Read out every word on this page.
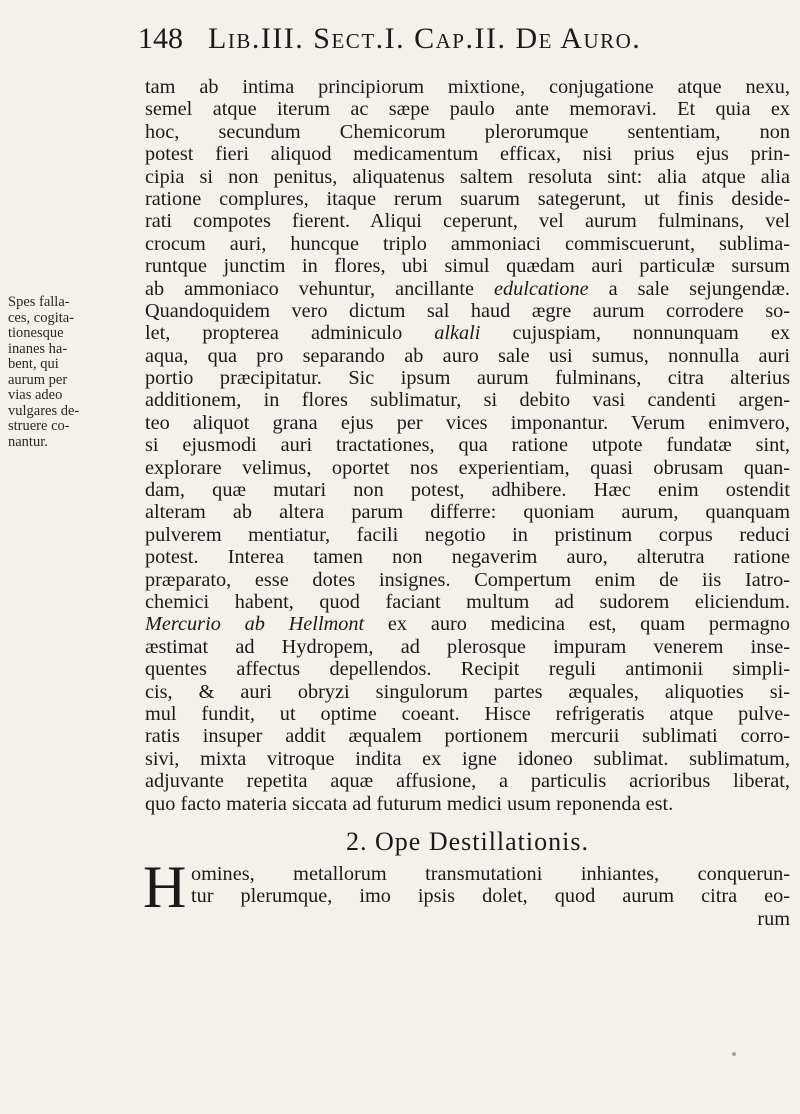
148 Lib.III. Sect.I. Cap.II. De Auro.
Spes falla-
ces, cogita-
tionesque
inanes ha-
bent, qui
aurum per
vias adeo
vulgares de-
struere co-
nantur.
tam ab intima principiorum mixtione, conjugatione atque nexu,
semel atque iterum ac sæpe paulo ante memoravi. Et quia ex
hoc, secundum Chemicorum plerorumque sententiam, non
potest fieri aliquod medicamentum efficax, nisi prius ejus prin-
cipia si non penitus, aliquatenus saltem resoluta sint: alia atque alia
ratione complures, itaque rerum suarum sategerunt, ut finis deside-
rati compotes fierent. Aliqui ceperunt, vel aurum fulminans, vel
crocum auri, huncque triplo ammoniaci commiscuerunt, sublima-
runtque junctim in flores, ubi simul quædam auri particulæ sursum
ab ammoniaco vehuntur, ancillante edulcatione a sale sejungendæ.
Quandoquidem vero dictum sal haud ægre aurum corrodere so-
let, propterea adminiculo alkali cujuspiam, nonnunquam ex
aqua, qua pro separando ab auro sale usi sumus, nonnulla auri
portio præcipitatur. Sic ipsum aurum fulminans, citra alterius
additionem, in flores sublimatur, si debito vasi candenti argen-
teo aliquot grana ejus per vices imponantur. Verum enimvero,
si ejusmodi auri tractationes, qua ratione utpote fundatæ sint,
explorare velimus, oportet nos experientiam, quasi obrusam quan-
dam, quæ mutari non potest, adhibere. Hæc enim ostendit
alteram ab altera parum differre: quoniam aurum, quanquam
pulverem mentiatur, facili negotio in pristinum corpus reduci
potest. Interea tamen non negaverim auro, alterutra ratione
præparato, esse dotes insignes. Compertum enim de iis Iatro-
chemici habent, quod faciant multum ad sudorem eliciendum.
Mercurio ab Hellmont ex auro medicina est, quam permagno
æstimat ad Hydropem, ad plerosque impuram venerem inse-
quentes affectus depellendos. Recipit reguli antimonii simpli-
cis, & auri obryzi singulorum partes æquales, aliquoties si-
mul fundit, ut optime coeant. Hisce refrigeratis atque pulve-
ratis insuper addit æqualem portionem mercurii sublimati corro-
sivi, mixta vitroque indita ex igne idoneo sublimat. sublimatum,
adjuvante repetita aquæ affusione, a particulis acrioribus liberat,
quo facto materia siccata ad futurum medici usum reponenda est.
2. Ope Destillationis.
H omines, metallorum transmutationi inhiantes, conquerun-
tur plerumque, imo ipsis dolet, quod aurum citra eo-
rum
